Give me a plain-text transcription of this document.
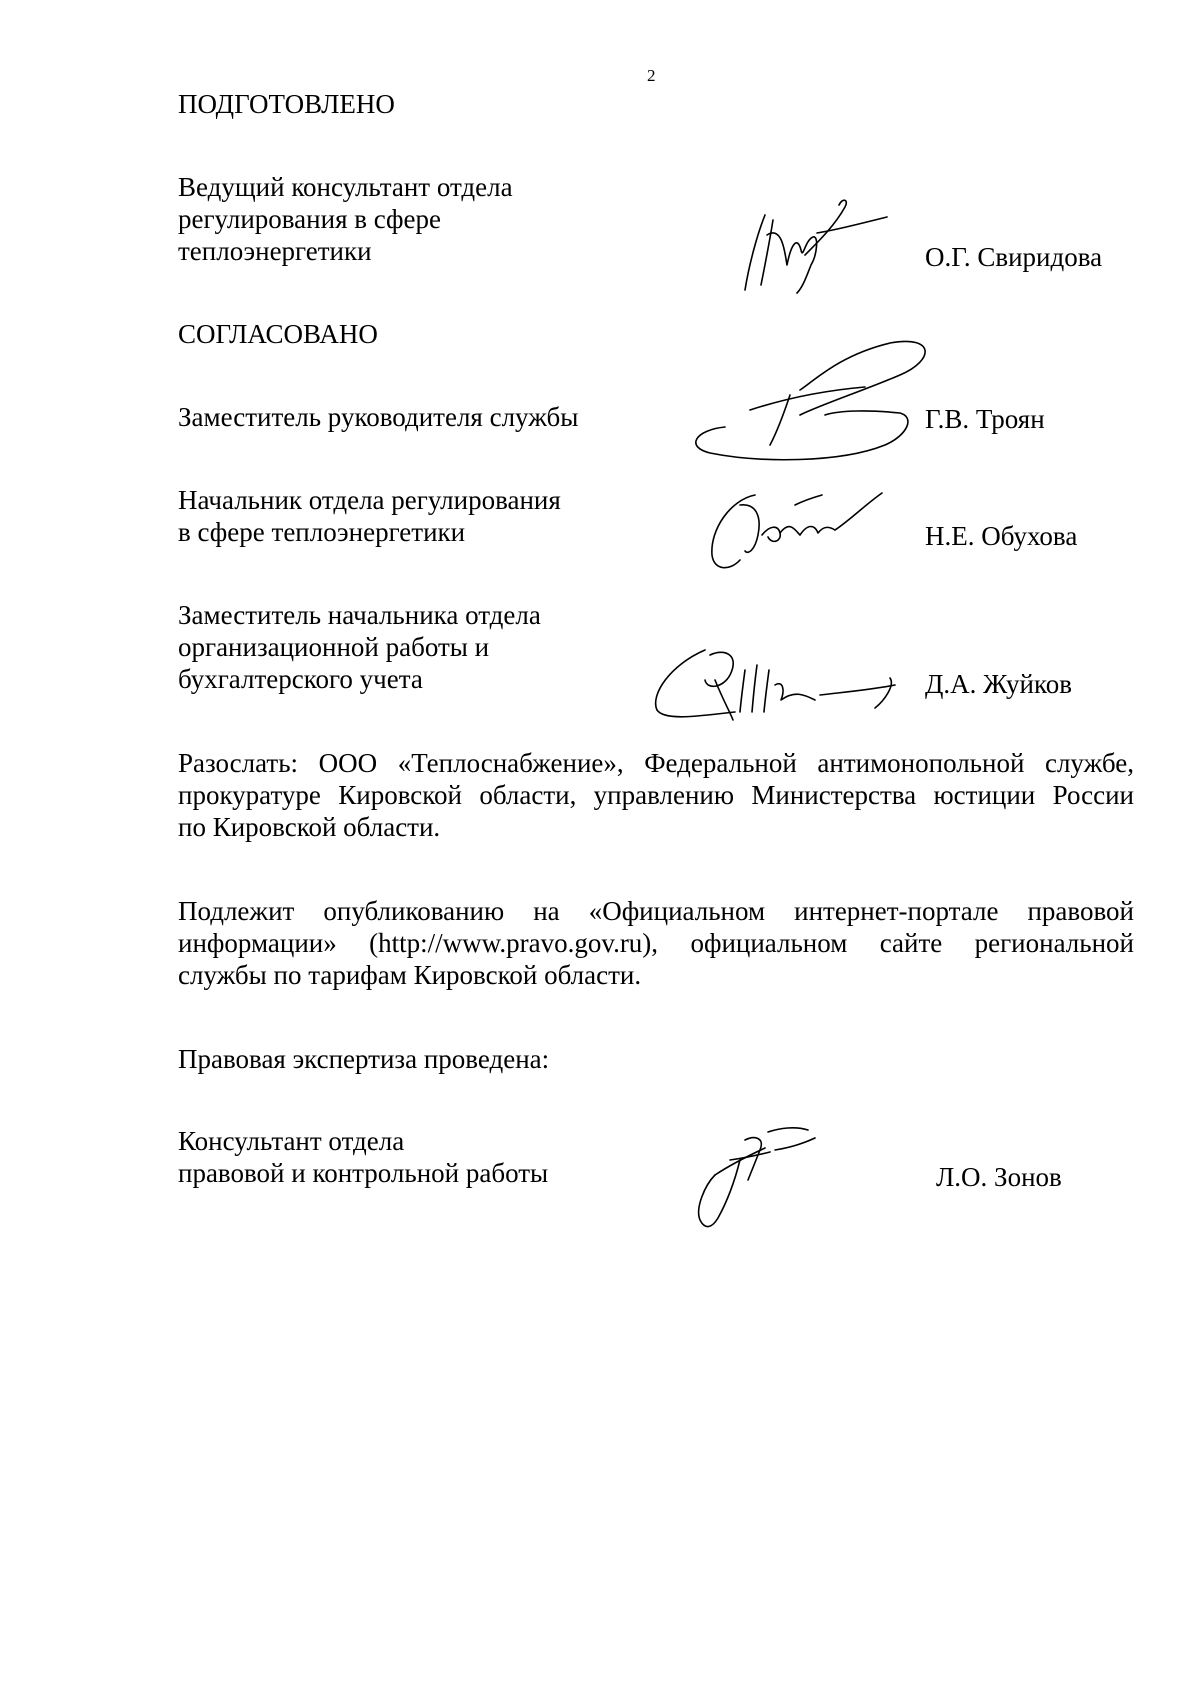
2
ПОДГОТОВЛЕНО
Ведущий консультант отдела
регулирования в сфере
теплоэнергетики	О.Г. Свиридова
СОГЛАСОВАНО
Заместитель руководителя службы	Г.В. Троян
Начальник отдела регулирования
в сфере теплоэнергетики	Н.Е. Обухова
Заместитель начальника отдела
организационной работы и
бухгалтерского учета	Д.А. Жуйков
Разослать: ООО «Теплоснабжение», Федеральной антимонопольной службе,
прокуратуре Кировской области, управлению Министерства юстиции России
по Кировской области.
Подлежит опубликованию на «Официальном интернет-портале правовой
информации» (http://www.pravo.gov.ru), официальном сайте региональной
службы по тарифам Кировской области.
Правовая экспертиза проведена:
Консультант отдела
правовой и контрольной работы	Л.О. Зонов
